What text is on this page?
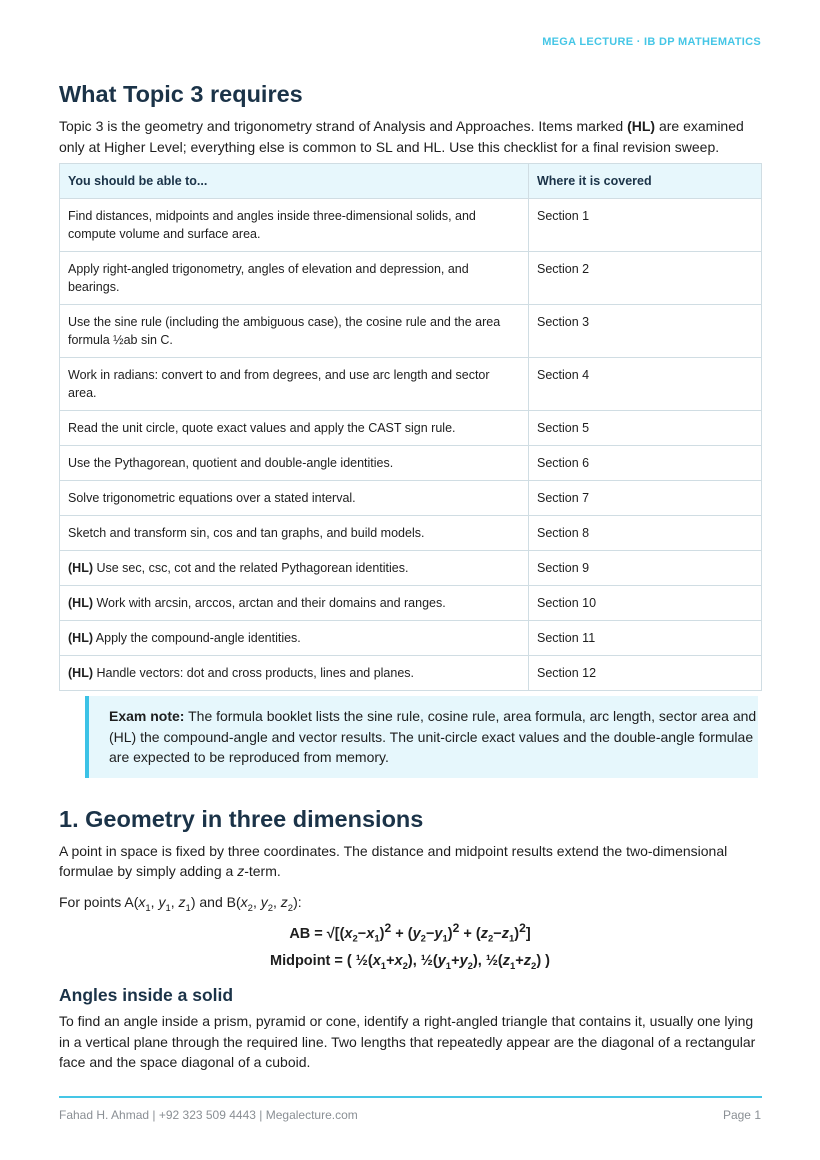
MEGA LECTURE · IB DP MATHEMATICS
What Topic 3 requires

Topic 3 is the geometry and trigonometry strand of Analysis and Approaches. Items marked (HL) are examined only at Higher Level; everything else is common to SL and HL. Use this checklist for a final revision sweep.

You should be able to...	Where it is covered
Find distances, midpoints and angles inside three-dimensional solids, and compute volume and surface area.	Section 1
Apply right-angled trigonometry, angles of elevation and depression, and bearings.	Section 2
Use the sine rule (including the ambiguous case), the cosine rule and the area formula ½ab sin C.	Section 3
Work in radians: convert to and from degrees, and use arc length and sector area.	Section 4
Read the unit circle, quote exact values and apply the CAST sign rule.	Section 5
Use the Pythagorean, quotient and double-angle identities.	Section 6
Solve trigonometric equations over a stated interval.	Section 7
Sketch and transform sin, cos and tan graphs, and build models.	Section 8
(HL) Use sec, csc, cot and the related Pythagorean identities.	Section 9
(HL) Work with arcsin, arccos, arctan and their domains and ranges.	Section 10
(HL) Apply the compound-angle identities.	Section 11
(HL) Handle vectors: dot and cross products, lines and planes.	Section 12
Exam note: The formula booklet lists the sine rule, cosine rule, area formula, arc length, sector area and (HL) the compound-angle and vector results. The unit-circle exact values and the double-angle formulae are expected to be reproduced from memory.
1. Geometry in three dimensions

A point in space is fixed by three coordinates. The distance and midpoint results extend the two-dimensional formulae by simply adding a z-term.

For points $A(x_1$, $y_1$, $z_1$) and $B(x_2$, $y_2$, $z_2$):

AB = $√[(x_2-x_1)^2 + (y_2-y_1)^2 + (z_2-z_1)^2]$
Midpoint = ( $\frac{1}{2}(x_1+x_2)$, $\frac{1}{2}(y_1+y_2)$, $\frac{1}{2}(z_1+z_2)$ )
Angles inside a solid

To find an angle inside a prism, pyramid or cone, identify a right-angled triangle that contains it, usually one lying in a vertical plane through the required line. Two lengths that repeatedly appear are the diagonal of a rectangular face and the space diagonal of a cuboid.

Fahad H. Ahmad | +92 323 509 4443 | Megalecture.com	Page 1
